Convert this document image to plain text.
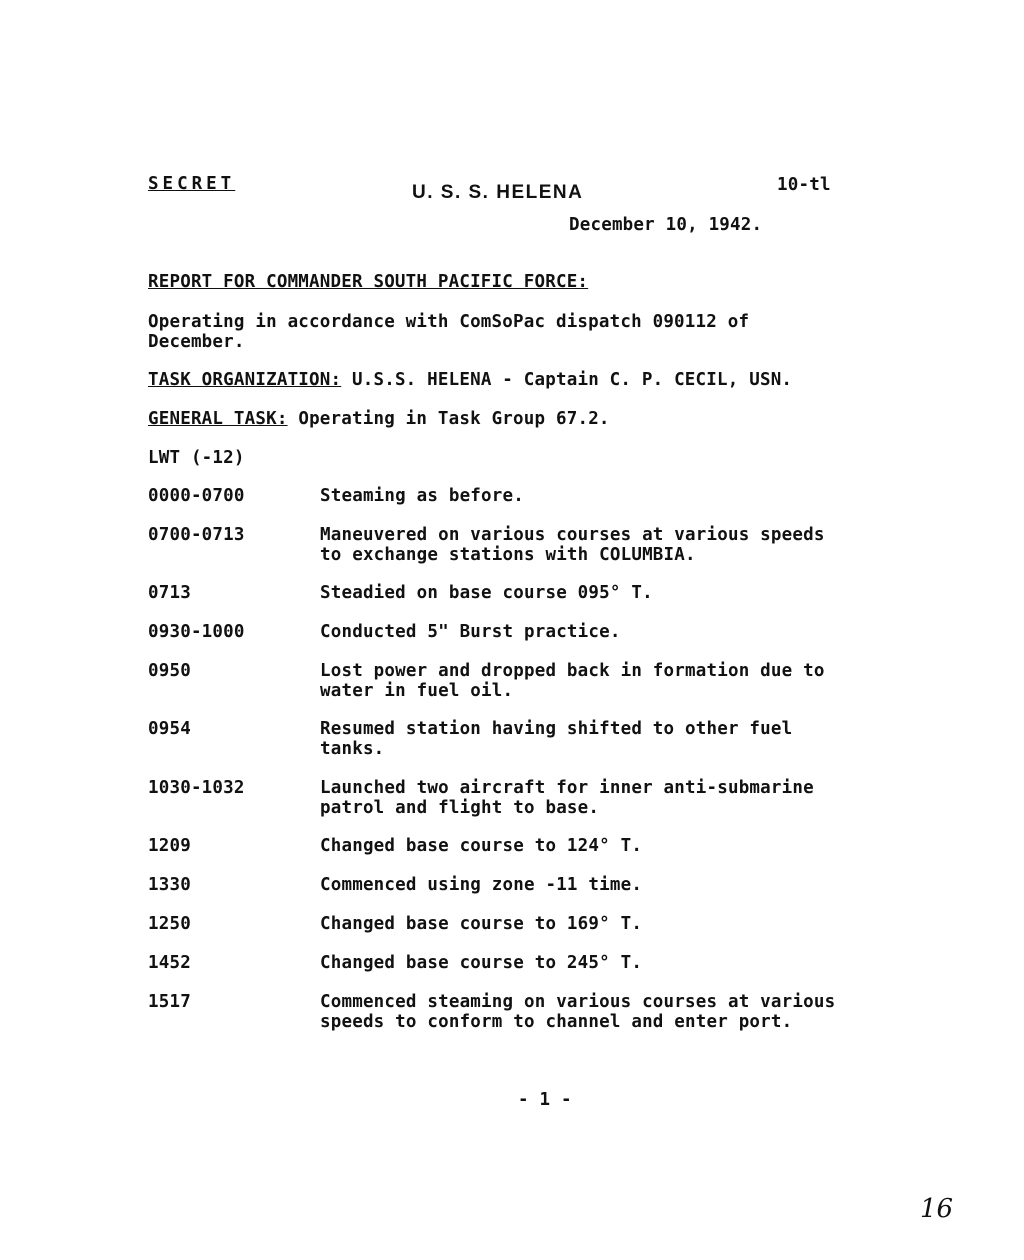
SECRET	U. S. S. HELENA	10-tl
December 10, 1942.
REPORT FOR COMMANDER SOUTH PACIFIC FORCE:
Operating in accordance with ComSoPac dispatch 090112 of
December.
TASK ORGANIZATION: U.S.S. HELENA - Captain C. P. CECIL, USN.
GENERAL TASK: Operating in Task Group 67.2.
LWT (-12)
0000-0700	Steaming as before.
0700-0713	Maneuvered on various courses at various speeds
to exchange stations with COLUMBIA.
0713	Steadied on base course 095° T.
0930-1000	Conducted 5" Burst practice.
0950	Lost power and dropped back in formation due to
water in fuel oil.
0954	Resumed station having shifted to other fuel
tanks.
1030-1032	Launched two aircraft for inner anti-submarine
patrol and flight to base.
1209	Changed base course to 124° T.
1330	Commenced using zone -11 time.
1250	Changed base course to 169° T.
1452	Changed base course to 245° T.
1517	Commenced steaming on various courses at various
speeds to conform to channel and enter port.
- 1 -
16
